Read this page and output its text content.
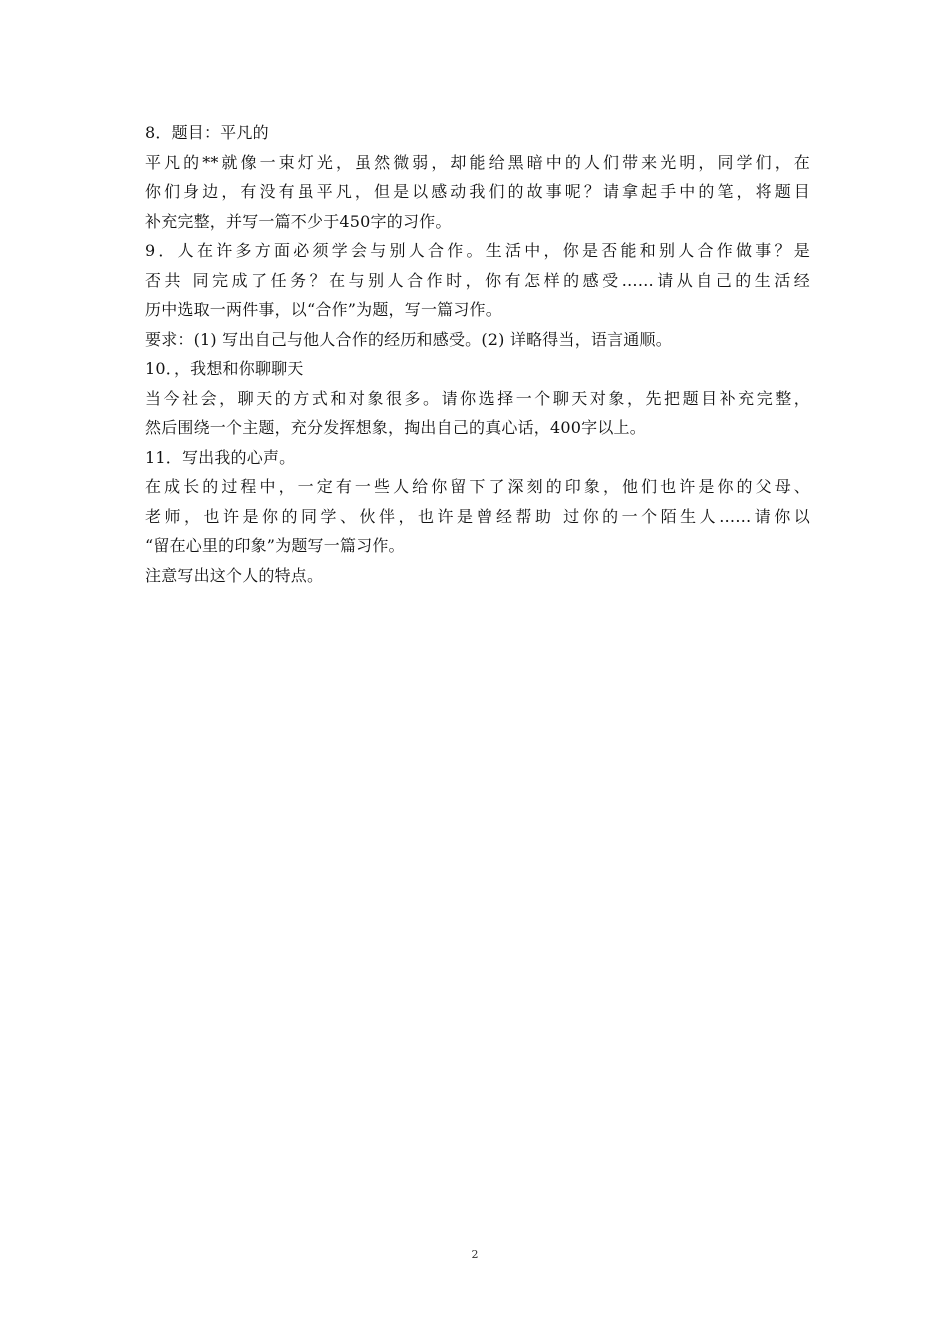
8．题目：平凡的
平凡的**就像一束灯光，虽然微弱，却能给黑暗中的人们带来光明，同学们，在
你们身边，有没有虽平凡，但是以感动我们的故事呢？请拿起手中的笔，将题目
补充完整，并写一篇不少于450字的习作。
9．人在许多方面必须学会与别人合作。生活中，你是否能和别人合作做事？是
否共 同完成了任务？在与别人合作时，你有怎样的感受……请从自己的生活经
历中选取一两件事，以“合作”为题，写一篇习作。
要求：(1) 写出自己与他人合作的经历和感受。(2) 详略得当，语言通顺。
10．，我想和你聊聊天
当今社会，聊天的方式和对象很多。请你选择一个聊天对象，先把题目补充完整，
然后围绕一个主题，充分发挥想象，掏出自己的真心话，400字以上。
11．写出我的心声。
在成长的过程中，一定有一些人给你留下了深刻的印象，他们也许是你的父母、
老师，也许是你的同学、伙伴，也许是曾经帮助 过你的一个陌生人……请你以
“留在心里的印象”为题写一篇习作。
注意写出这个人的特点。
2
